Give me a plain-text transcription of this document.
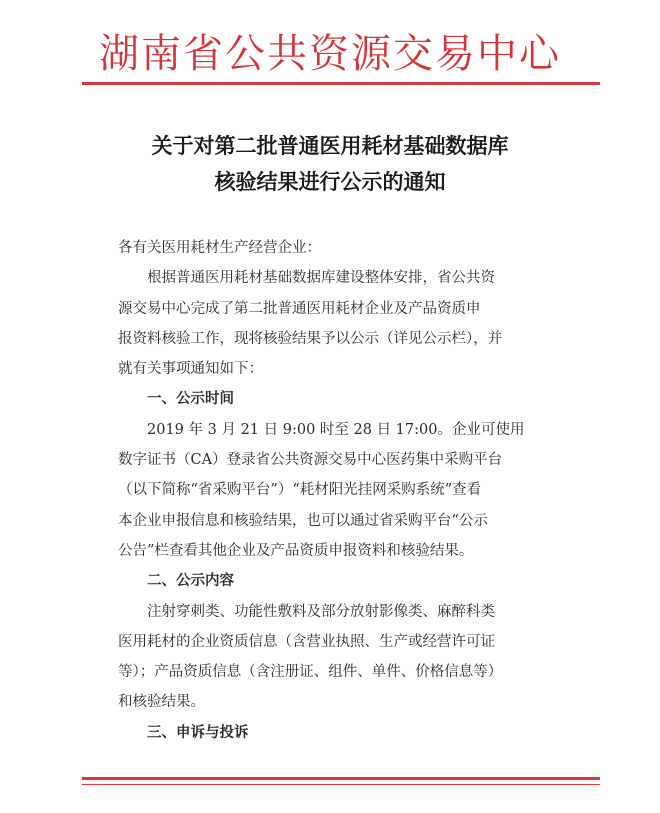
湖南省公共资源交易中心
关于对第二批普通医用耗材基础数据库
核验结果进行公示的通知
各有关医用耗材生产经营企业：
根据普通医用耗材基础数据库建设整体安排，省公共资
源交易中心完成了第二批普通医用耗材企业及产品资质申
报资料核验工作，现将核验结果予以公示（详见公示栏），并
就有关事项通知如下：
一、公示时间
2019 年 3 月 21 日 9:00 时至 28 日 17:00。企业可使用
数字证书（CA）登录省公共资源交易中心医药集中采购平台
（以下简称“省采购平台”）“耗材阳光挂网采购系统”查看
本企业申报信息和核验结果，也可以通过省采购平台“公示
公告”栏查看其他企业及产品资质申报资料和核验结果。
二、公示内容
注射穿刺类、功能性敷料及部分放射影像类、麻醉科类
医用耗材的企业资质信息（含营业执照、生产或经营许可证
等）；产品资质信息（含注册证、组件、单件、价格信息等）
和核验结果。
三、申诉与投诉
